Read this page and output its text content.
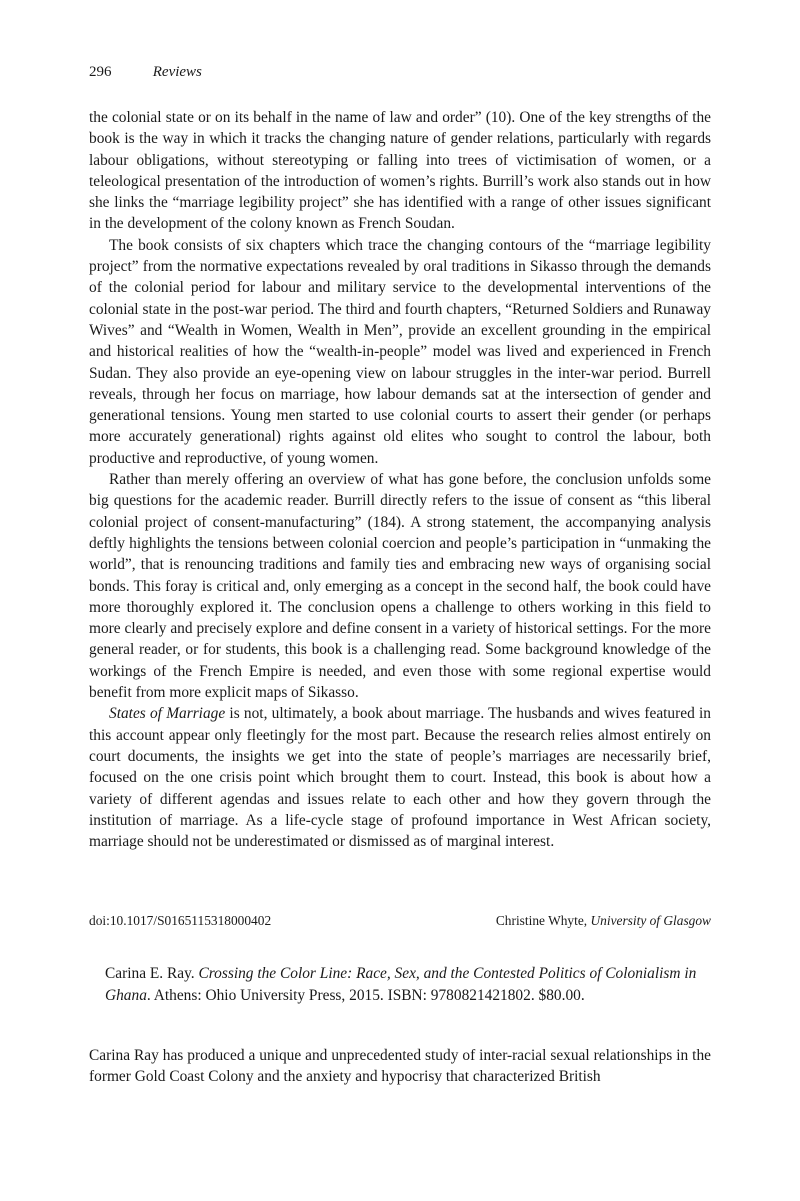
296	Reviews

the colonial state or on its behalf in the name of law and order” (10). One of the key strengths of the book is the way in which it tracks the changing nature of gender relations, particularly with regards labour obligations, without stereotyping or falling into trees of victimisation of women, or a teleological presentation of the introduction of women’s rights. Burrill’s work also stands out in how she links the “marriage legibility project” she has identified with a range of other issues significant in the development of the colony known as French Soudan.

The book consists of six chapters which trace the changing contours of the “marriage legibility project” from the normative expectations revealed by oral traditions in Sikasso through the demands of the colonial period for labour and military service to the developmental interventions of the colonial state in the post-war period. The third and fourth chapters, “Returned Soldiers and Runaway Wives” and “Wealth in Women, Wealth in Men”, provide an excellent grounding in the empirical and historical realities of how the “wealth-in-people” model was lived and experienced in French Sudan. They also provide an eye-opening view on labour struggles in the inter-war period. Burrell reveals, through her focus on marriage, how labour demands sat at the intersection of gender and generational tensions. Young men started to use colonial courts to assert their gender (or perhaps more accurately generational) rights against old elites who sought to control the labour, both productive and reproductive, of young women.

Rather than merely offering an overview of what has gone before, the conclusion unfolds some big questions for the academic reader. Burrill directly refers to the issue of consent as “this liberal colonial project of consent-manufacturing” (184). A strong statement, the accompanying analysis deftly highlights the tensions between colonial coercion and people’s participation in “unmaking the world”, that is renouncing traditions and family ties and embracing new ways of organising social bonds. This foray is critical and, only emerging as a concept in the second half, the book could have more thoroughly explored it. The conclusion opens a challenge to others working in this field to more clearly and precisely explore and define consent in a variety of historical settings. For the more general reader, or for students, this book is a challenging read. Some background knowledge of the workings of the French Empire is needed, and even those with some regional expertise would benefit from more explicit maps of Sikasso.

States of Marriage is not, ultimately, a book about marriage. The husbands and wives featured in this account appear only fleetingly for the most part. Because the research relies almost entirely on court documents, the insights we get into the state of people’s marriages are necessarily brief, focused on the one crisis point which brought them to court. Instead, this book is about how a variety of different agendas and issues relate to each other and how they govern through the institution of marriage. As a life-cycle stage of profound importance in West African society, marriage should not be underestimated or dismissed as of marginal interest.

doi:10.1017/S0165115318000402	Christine Whyte, University of Glasgow
Carina E. Ray. Crossing the Color Line: Race, Sex, and the Contested Politics of Colonialism in Ghana. Athens: Ohio University Press, 2015. ISBN: 9780821421802. $80.00.

Carina Ray has produced a unique and unprecedented study of inter-racial sexual relationships in the former Gold Coast Colony and the anxiety and hypocrisy that characterized British
